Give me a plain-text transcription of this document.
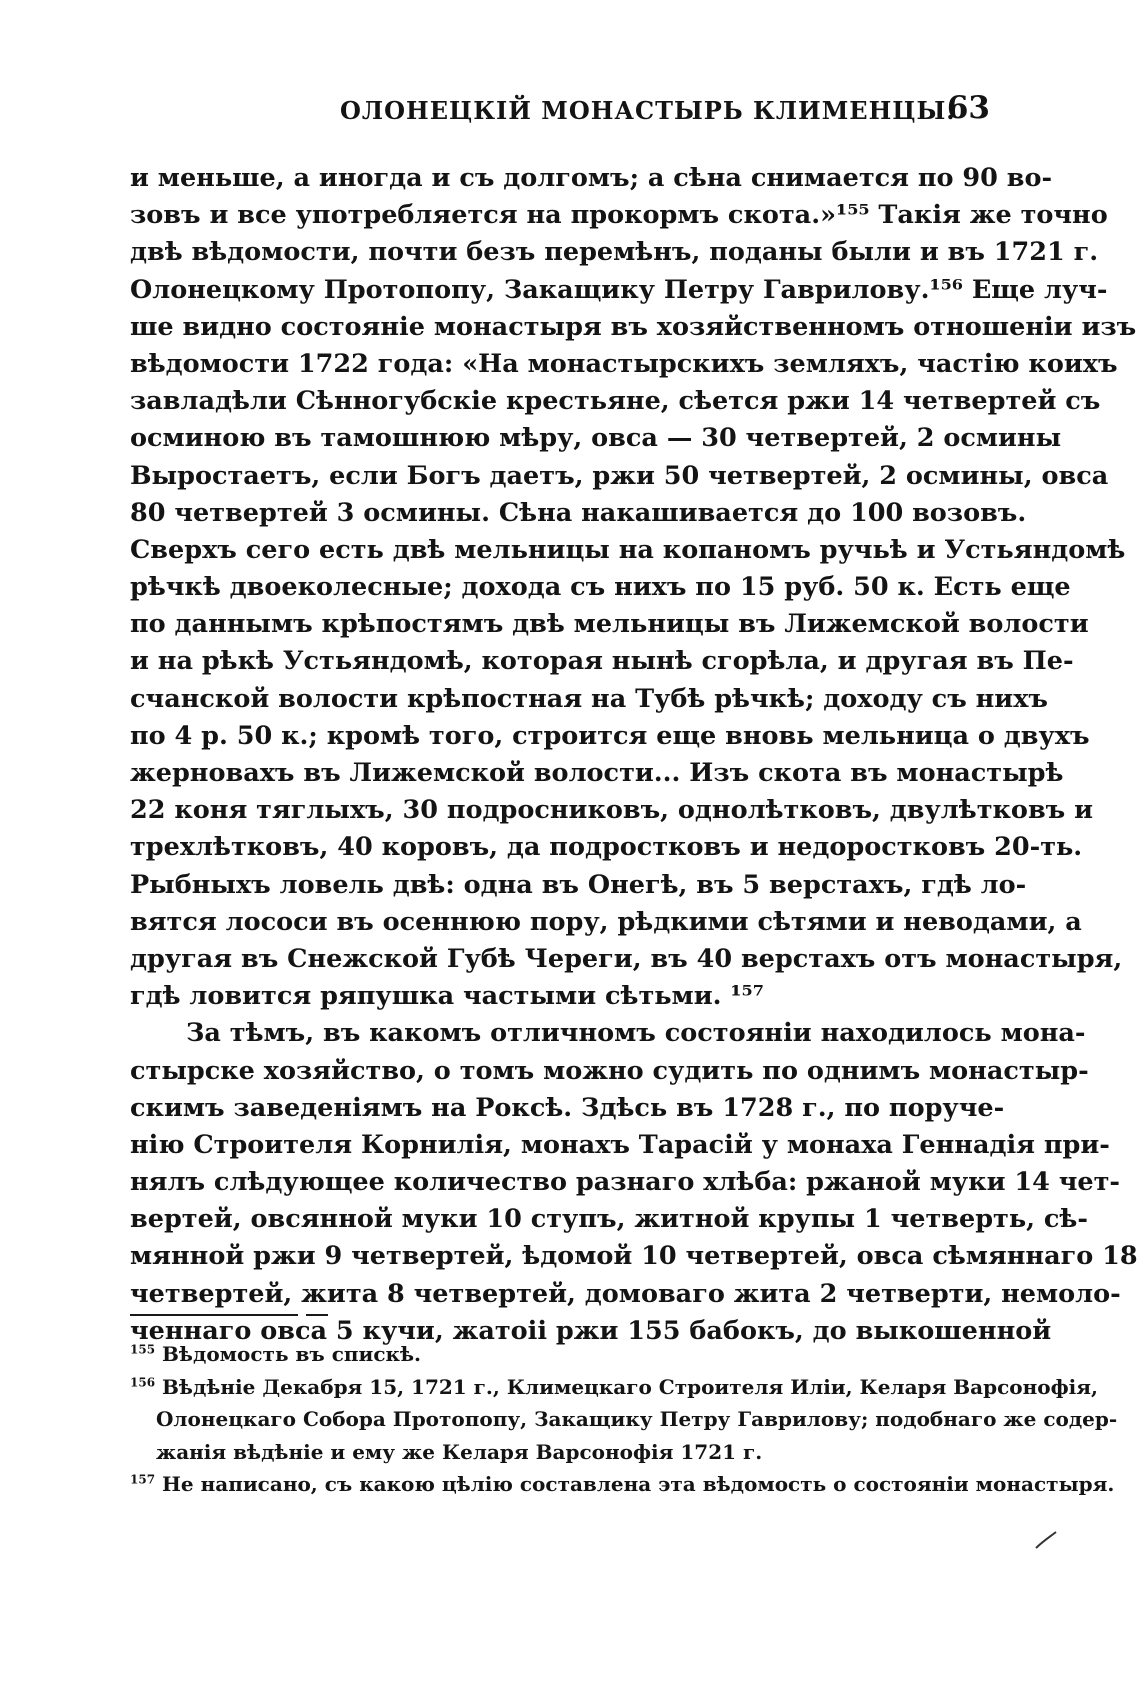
ОЛОНЕЦКІЙ МОНАСТЫРЬ КЛИМЕНЦЫ.
63
и меньше, а иногда и съ долгомъ; а сѣна снимается по 90 во-
зовъ и все употребляется на прокормъ скота.»¹⁵⁵ Такія же точно
двѣ вѣдомости, почти безъ перемѣнъ, поданы были и въ 1721 г.
Олонецкому Протопопу, Закащику Петру Гаврилову.¹⁵⁶ Еще луч-
ше видно состояніе монастыря въ хозяйственномъ отношеніи изъ
вѣдомости 1722 года: «На монастырскихъ земляхъ, частію коихъ
завладѣли Сѣнногубскіе крестьяне, сѣется ржи 14 четвертей съ
осминою въ тамошнюю мѣру, овса — 30 четвертей, 2 осмины
Выростаетъ, если Богъ даетъ, ржи 50 четвертей, 2 осмины, овса
80 четвертей 3 осмины. Сѣна накашивается до 100 возовъ.
Сверхъ сего есть двѣ мельницы на копаномъ ручьѣ и Устьяндомѣ
рѣчкѣ двоеколесные; дохода съ нихъ по 15 руб. 50 к. Есть еще
по даннымъ крѣпостямъ двѣ мельницы въ Лижемской волости
и на рѣкѣ Устьяндомѣ, которая нынѣ сгорѣла, и другая въ Пе-
счанской волости крѣпостная на Тубѣ рѣчкѣ; доходу съ нихъ
по 4 р. 50 к.; кромѣ того, строится еще вновь мельница о двухъ
жерновахъ въ Лижемской волости... Изъ скота въ монастырѣ
22 коня тяглыхъ, 30 подросниковъ, однолѣтковъ, двулѣтковъ и
трехлѣтковъ, 40 коровъ, да подростковъ и недоростковъ 20-ть.
Рыбныхъ ловель двѣ: одна въ Онегѣ, въ 5 верстахъ, гдѣ ло-
вятся лососи въ осеннюю пору, рѣдкими сѣтями и неводами, а
другая въ Снежской Губѣ Череги, въ 40 верстахъ отъ монастыря,
гдѣ ловится ряпушка частыми сѣтьми. ¹⁵⁷
За тѣмъ, въ какомъ отличномъ состояніи находилось мона-
стырске хозяйство, о томъ можно судить по однимъ монастыр-
скимъ заведеніямъ на Роксѣ. Здѣсь въ 1728 г., по поруче-
нію Строителя Корнилія, монахъ Тарасій у монаха Геннадія при-
нялъ слѣдующее количество разнаго хлѣба: ржаной муки 14 чет-
вертей, овсянной муки 10 ступъ, житной крупы 1 четверть, сѣ-
мянной ржи 9 четвертей, ѣдомой 10 четвертей, овса сѣмяннаго 18
четвертей, жита 8 четвертей, домоваго жита 2 четверти, немоло-
ченнаго овса 5 кучи, жатоіі ржи 155 бабокъ, до выкошенной
$^{155}$ Вѣдомость въ спискѣ.
$^{156}$ Вѣдѣніе Декабря 15, 1721 г., Климецкаго Строителя Иліи, Келаря Варсонофія,
Олонецкаго Собора Протопопу, Закащику Петру Гаврилову; подобнаго же содер-
жанія вѣдѣніе и ему же Келаря Варсонофія 1721 г.
$^{157}$ Не написано, съ какою цѣлію составлена эта вѣдомость о состояніи монастыря.
